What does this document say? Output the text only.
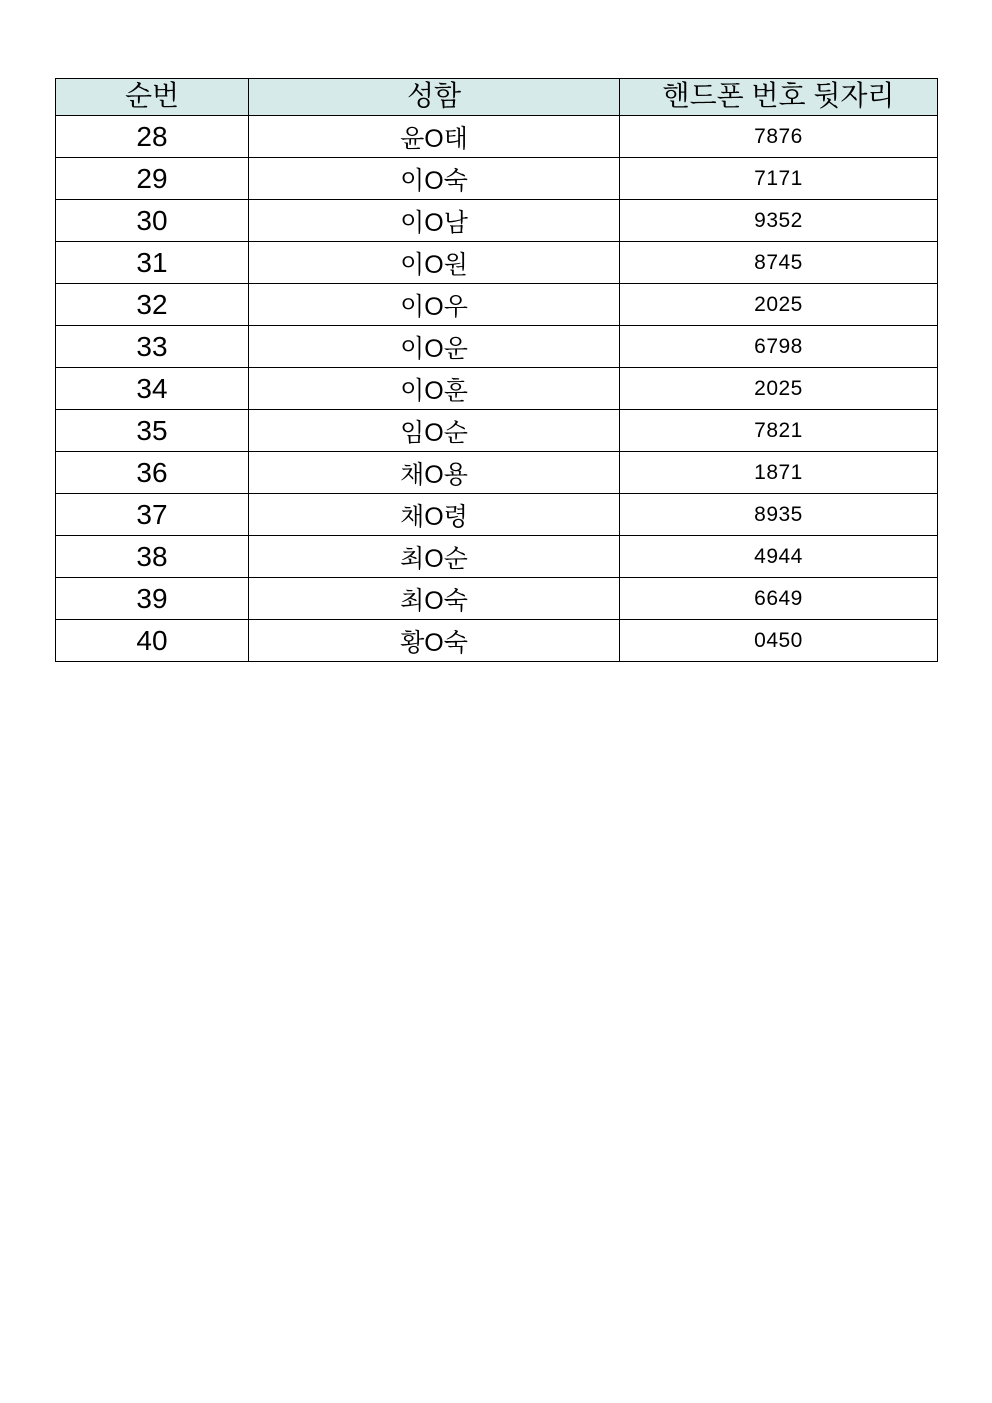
순번	성함	핸드폰 번호 뒷자리
28	윤O태	7876
29	이O숙	7171
30	이O남	9352
31	이O원	8745
32	이O우	2025
33	이O운	6798
34	이O훈	2025
35	임O순	7821
36	채O용	1871
37	채O령	8935
38	최O순	4944
39	최O숙	6649
40	황O숙	0450
